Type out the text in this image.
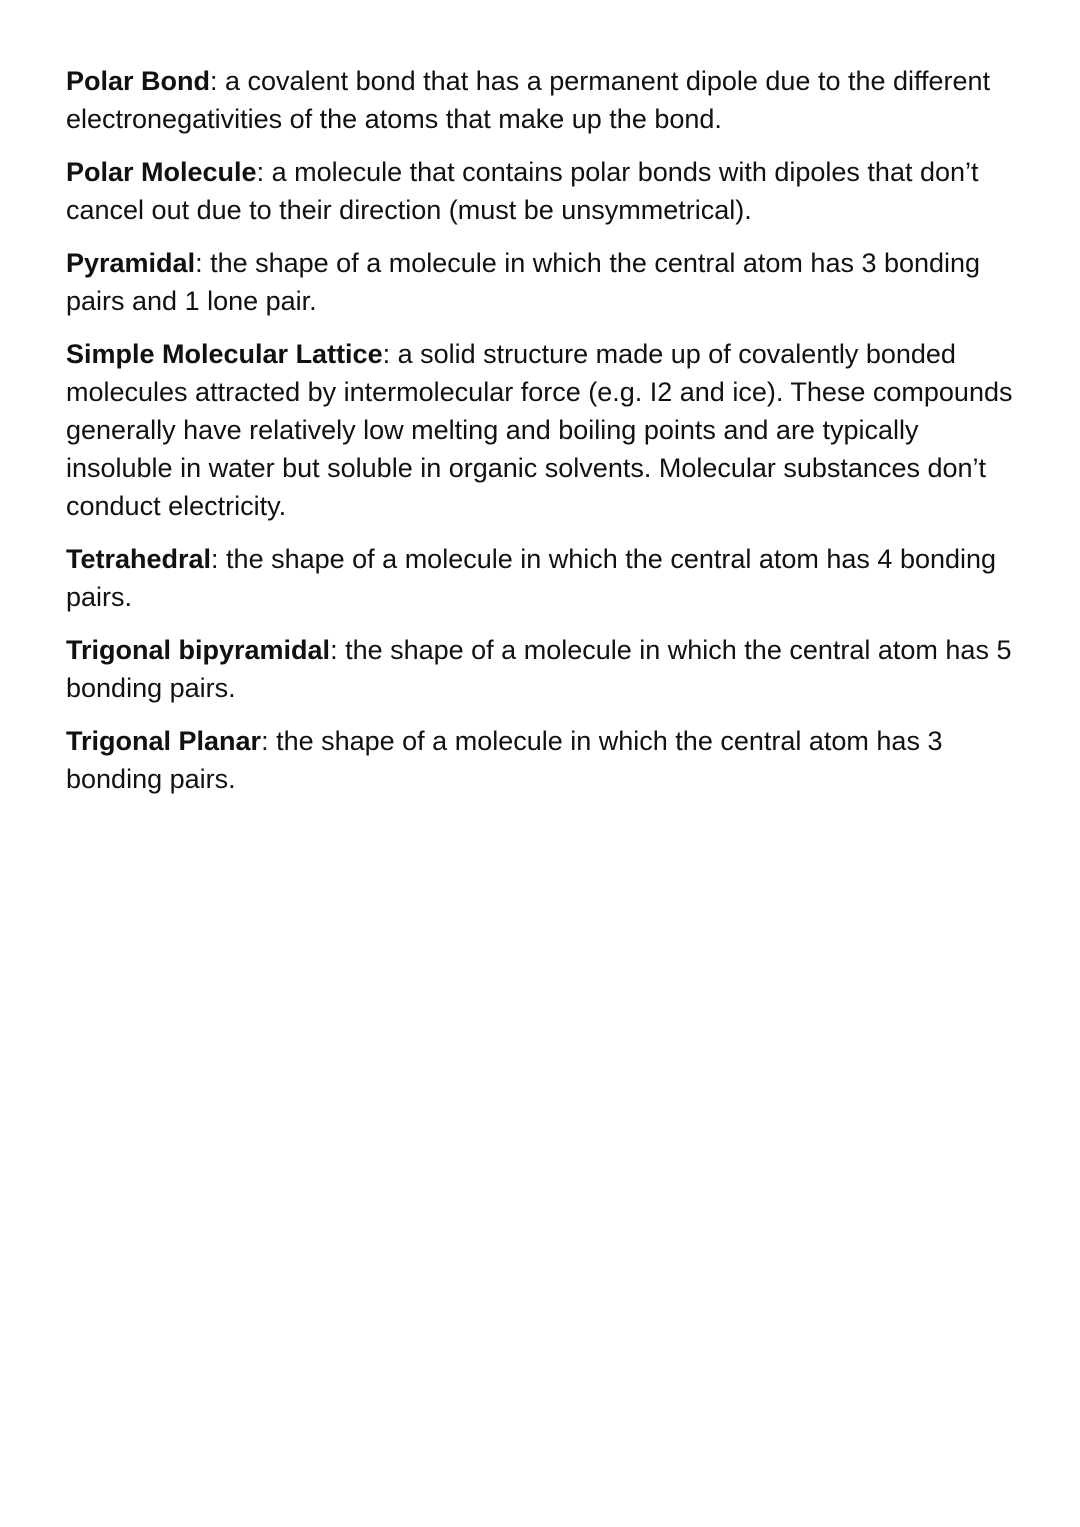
Polar Bond: a covalent bond that has a permanent dipole due to the different electronegativities of the atoms that make up the bond.

Polar Molecule: a molecule that contains polar bonds with dipoles that don’t cancel out due to their direction (must be unsymmetrical).

Pyramidal: the shape of a molecule in which the central atom has 3 bonding pairs and 1 lone pair.

Simple Molecular Lattice: a solid structure made up of covalently bonded molecules attracted by intermolecular force (e.g. I2 and ice). These compounds generally have relatively low melting and boiling points and are typically insoluble in water but soluble in organic solvents. Molecular substances don’t conduct electricity.

Tetrahedral: the shape of a molecule in which the central atom has 4 bonding pairs.

Trigonal bipyramidal: the shape of a molecule in which the central atom has 5 bonding pairs.

Trigonal Planar: the shape of a molecule in which the central atom has 3 bonding pairs.
